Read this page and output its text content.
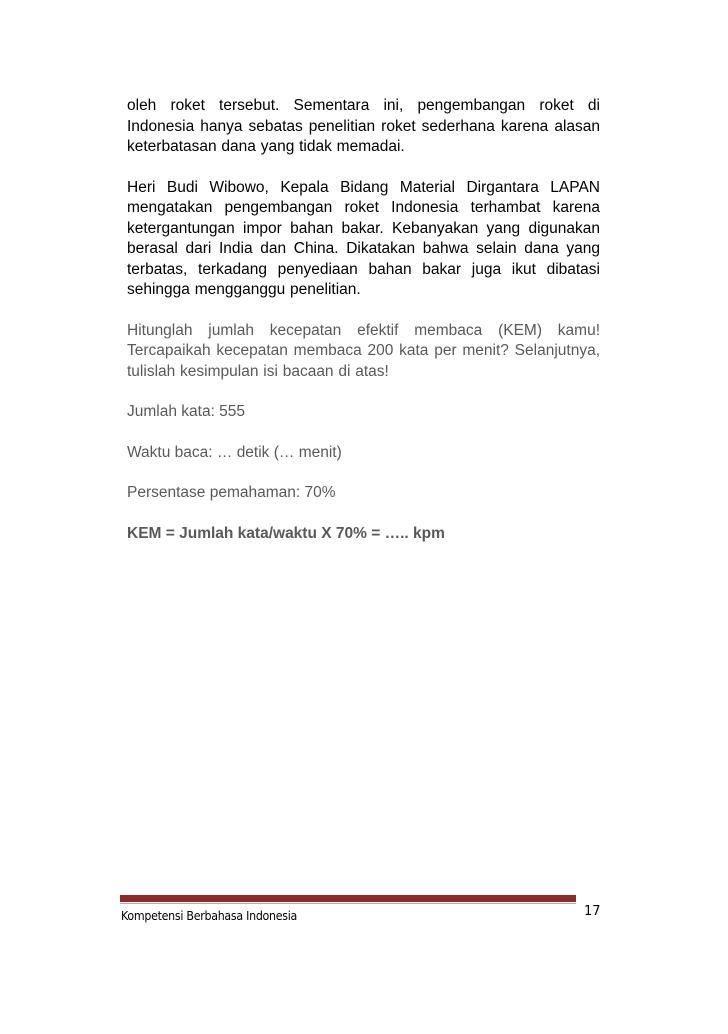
oleh roket tersebut. Sementara ini, pengembangan roket di Indonesia hanya sebatas penelitian roket sederhana karena alasan keterbatasan dana yang tidak memadai.

Heri Budi Wibowo, Kepala Bidang Material Dirgantara LAPAN mengatakan pengembangan roket Indonesia terhambat karena ketergantungan impor bahan bakar. Kebanyakan yang digunakan berasal dari India dan China. Dikatakan bahwa selain dana yang terbatas, terkadang penyediaan bahan bakar juga ikut dibatasi sehingga mengganggu penelitian.

Hitunglah jumlah kecepatan efektif membaca (KEM) kamu! Tercapaikah kecepatan membaca 200 kata per menit? Selanjutnya, tulislah kesimpulan isi bacaan di atas!

Jumlah kata: 555

Waktu baca: … detik (… menit)

Persentase pemahaman: 70%

KEM = Jumlah kata/waktu X 70% = ….. kpm

Kompetensi Berbahasa Indonesia	17
